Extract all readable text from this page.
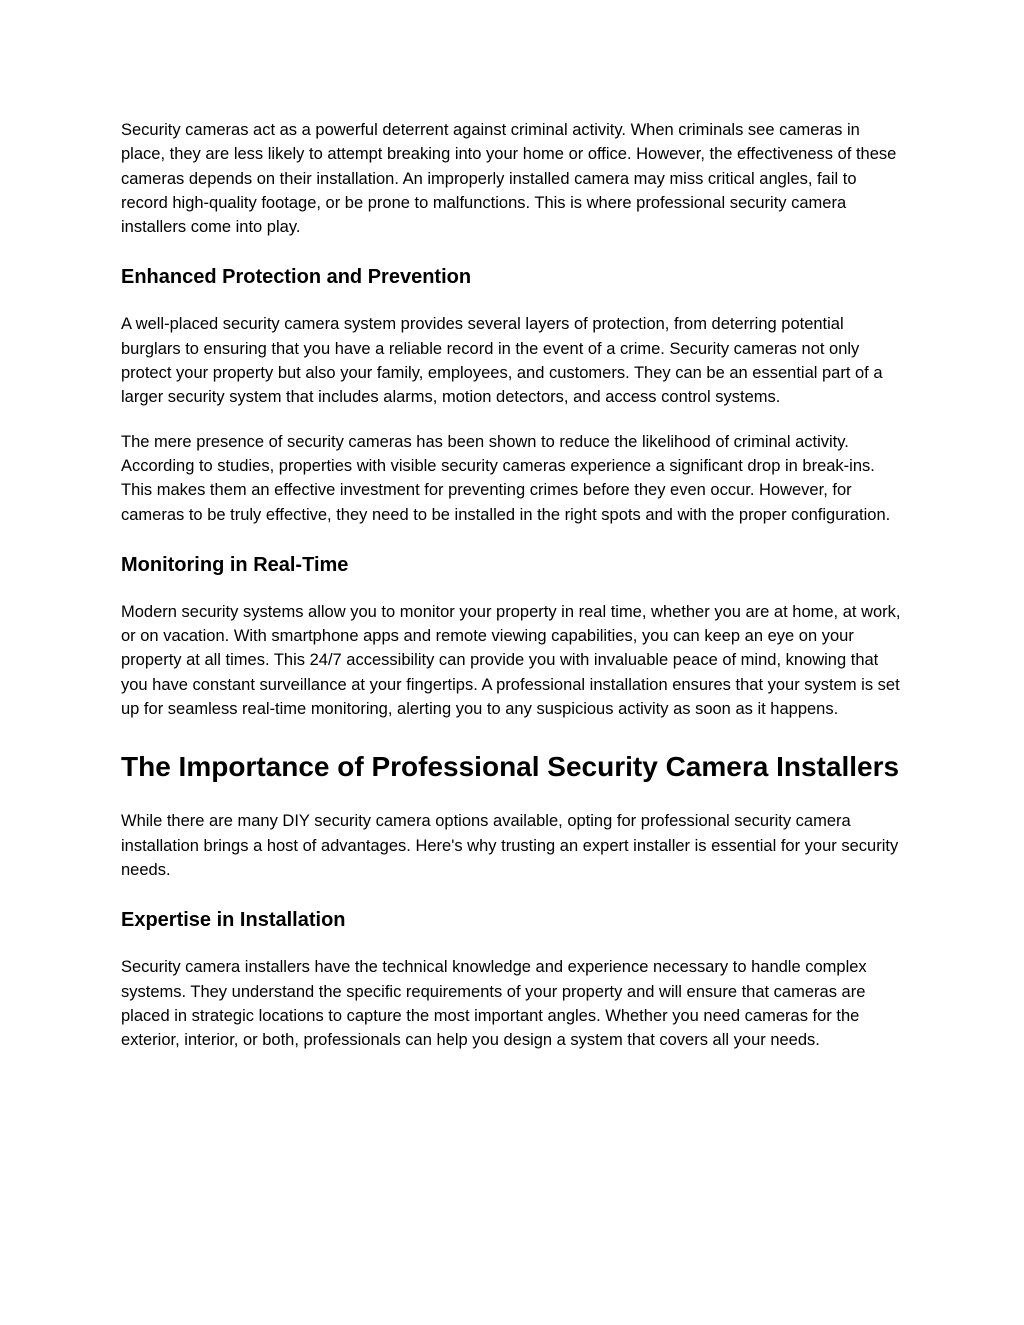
Security cameras act as a powerful deterrent against criminal activity. When criminals see cameras in place, they are less likely to attempt breaking into your home or office. However, the effectiveness of these cameras depends on their installation. An improperly installed camera may miss critical angles, fail to record high-quality footage, or be prone to malfunctions. This is where professional security camera installers come into play.

Enhanced Protection and Prevention

A well-placed security camera system provides several layers of protection, from deterring potential burglars to ensuring that you have a reliable record in the event of a crime. Security cameras not only protect your property but also your family, employees, and customers. They can be an essential part of a larger security system that includes alarms, motion detectors, and access control systems.

The mere presence of security cameras has been shown to reduce the likelihood of criminal activity. According to studies, properties with visible security cameras experience a significant drop in break-ins. This makes them an effective investment for preventing crimes before they even occur. However, for cameras to be truly effective, they need to be installed in the right spots and with the proper configuration.

Monitoring in Real-Time

Modern security systems allow you to monitor your property in real time, whether you are at home, at work, or on vacation. With smartphone apps and remote viewing capabilities, you can keep an eye on your property at all times. This 24/7 accessibility can provide you with invaluable peace of mind, knowing that you have constant surveillance at your fingertips. A professional installation ensures that your system is set up for seamless real-time monitoring, alerting you to any suspicious activity as soon as it happens.

The Importance of Professional Security Camera Installers

While there are many DIY security camera options available, opting for professional security camera installation brings a host of advantages. Here's why trusting an expert installer is essential for your security needs.

Expertise in Installation

Security camera installers have the technical knowledge and experience necessary to handle complex systems. They understand the specific requirements of your property and will ensure that cameras are placed in strategic locations to capture the most important angles. Whether you need cameras for the exterior, interior, or both, professionals can help you design a system that covers all your needs.
